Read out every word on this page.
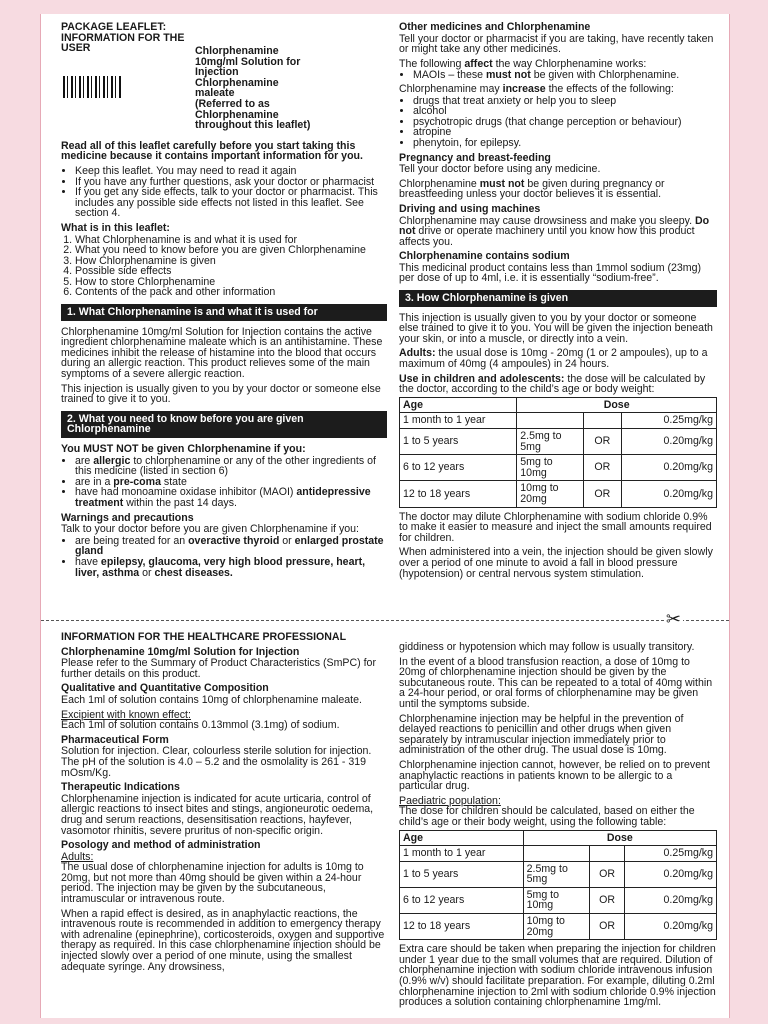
PACKAGE LEAFLET: INFORMATION FOR THE USER	Chlorphenamine
10mg/ml Solution for
Injection
Chlorphenamine
maleate
(Referred to as
Chlorphenamine
throughout this leaflet)

Read all of this leaflet carefully before you start taking this medicine because it contains important information for you.

• Keep this leaflet. You may need to read it again
• If you have any further questions, ask your doctor or pharmacist
• If you get any side effects, talk to your doctor or pharmacist. This includes any possible side effects not listed in this leaflet. See section 4.
What is in this leaflet:
1. What Chlorphenamine is and what it is used for
2. What you need to know before you are given Chlorphenamine
3. How Chlorphenamine is given
4. Possible side effects
5. How to store Chlorphenamine
6. Contents of the pack and other information
1. What Chlorphenamine is and what it is used for

Chlorphenamine 10mg/ml Solution for Injection contains the active ingredient chlorphenamine maleate which is an antihistamine. These medicines inhibit the release of histamine into the blood that occurs during an allergic reaction. This product relieves some of the main symptoms of a severe allergic reaction.

This injection is usually given to you by your doctor or someone else trained to give it to you.

2. What you need to know before you are given Chlorphenamine

You MUST NOT be given Chlorphenamine if you:

• are allergic to chlorphenamine or any of the other ingredients of this medicine (listed in section 6)
• are in a pre-coma state
• have had monoamine oxidase inhibitor (MAOI) antidepressive treatment within the past 14 days.
Warnings and precautions

Talk to your doctor before you are given Chlorphenamine if you:

• are being treated for an overactive thyroid or enlarged prostate gland
• have epilepsy, glaucoma, very high blood pressure, heart, liver, asthma or chest diseases.
Other medicines and Chlorphenamine

Tell your doctor or pharmacist if you are taking, have recently taken or might take any other medicines.

The following affect the way Chlorphenamine works:

• MAOIs – these must not be given with Chlorphenamine.

Chlorphenamine may increase the effects of the following:

• drugs that treat anxiety or help you to sleep
• alcohol
• psychotropic drugs (that change perception or behaviour)
• atropine
• phenytoin, for epilepsy.
Pregnancy and breast-feeding

Tell your doctor before using any medicine.

Chlorphenamine must not be given during pregnancy or breastfeeding unless your doctor believes it is essential.

Driving and using machines

Chlorphenamine may cause drowsiness and make you sleepy. Do not drive or operate machinery until you know how this product affects you.

Chlorphenamine contains sodium

This medicinal product contains less than 1mmol sodium (23mg) per dose of up to 4ml, i.e. it is essentially “sodium-free”.

3. How Chlorphenamine is given

This injection is usually given to you by your doctor or someone else trained to give it to you. You will be given the injection beneath your skin, or into a muscle, or directly into a vein.

Adults: the usual dose is 10mg - 20mg (1 or 2 ampoules), up to a maximum of 40mg (4 ampoules) in 24 hours.

Use in children and adolescents: the dose will be calculated by the doctor, according to the child’s age or body weight:

Age	Dose		
1 month to 1 year			0.25mg/kg
1 to 5 years	2.5mg to 5mg	OR	0.20mg/kg
6 to 12 years	5mg to 10mg	OR	0.20mg/kg
12 to 18 years	10mg to 20mg	OR	0.20mg/kg

The doctor may dilute Chlorphenamine with sodium chloride 0.9% to make it easier to measure and inject the small amounts required for children.

When administered into a vein, the injection should be given slowly over a period of one minute to avoid a fall in blood pressure (hypotension) or central nervous system stimulation.

✂
INFORMATION FOR THE HEALTHCARE PROFESSIONAL
Chlorphenamine 10mg/ml Solution for Injection

Please refer to the Summary of Product Characteristics (SmPC) for further details on this product.

Qualitative and Quantitative Composition

Each 1ml of solution contains 10mg of chlorphenamine maleate.

Excipient with known effect:

Each 1ml of solution contains 0.13mmol (3.1mg) of sodium.

Pharmaceutical Form

Solution for injection. Clear, colourless sterile solution for injection. The pH of the solution is 4.0 – 5.2 and the osmolality is 261 - 319 mOsm/Kg.

Therapeutic Indications

Chlorphenamine injection is indicated for acute urticaria, control of allergic reactions to insect bites and stings, angioneurotic oedema, drug and serum reactions, desensitisation reactions, hayfever, vasomotor rhinitis, severe pruritus of non-specific origin.

Posology and method of administration
Adults:

The usual dose of chlorphenamine injection for adults is 10mg to 20mg, but not more than 40mg should be given within a 24-hour period. The injection may be given by the subcutaneous, intramuscular or intravenous route.

When a rapid effect is desired, as in anaphylactic reactions, the intravenous route is recommended in addition to emergency therapy with adrenaline (epinephrine), corticosteroids, oxygen and supportive therapy as required. In this case chlorphenamine injection should be injected slowly over a period of one minute, using the smallest adequate syringe. Any drowsiness,

giddiness or hypotension which may follow is usually transitory.

In the event of a blood transfusion reaction, a dose of 10mg to 20mg of chlorphenamine injection should be given by the subcutaneous route. This can be repeated to a total of 40mg within a 24-hour period, or oral forms of chlorphenamine may be given until the symptoms subside.

Chlorphenamine injection may be helpful in the prevention of delayed reactions to penicillin and other drugs when given separately by intramuscular injection immediately prior to administration of the other drug. The usual dose is 10mg.

Chlorphenamine injection cannot, however, be relied on to prevent anaphylactic reactions in patients known to be allergic to a particular drug.

Paediatric population:

The dose for children should be calculated, based on either the child’s age or their body weight, using the following table:

Age	Dose		
1 month to 1 year			0.25mg/kg
1 to 5 years	2.5mg to 5mg	OR	0.20mg/kg
6 to 12 years	5mg to 10mg	OR	0.20mg/kg
12 to 18 years	10mg to 20mg	OR	0.20mg/kg

Extra care should be taken when preparing the injection for children under 1 year due to the small volumes that are required. Dilution of chlorphenamine injection with sodium chloride intravenous infusion (0.9% w/v) should facilitate preparation. For example, diluting 0.2ml chlorphenamine injection to 2ml with sodium chloride 0.9% injection produces a solution containing chlorphenamine 1mg/ml.
